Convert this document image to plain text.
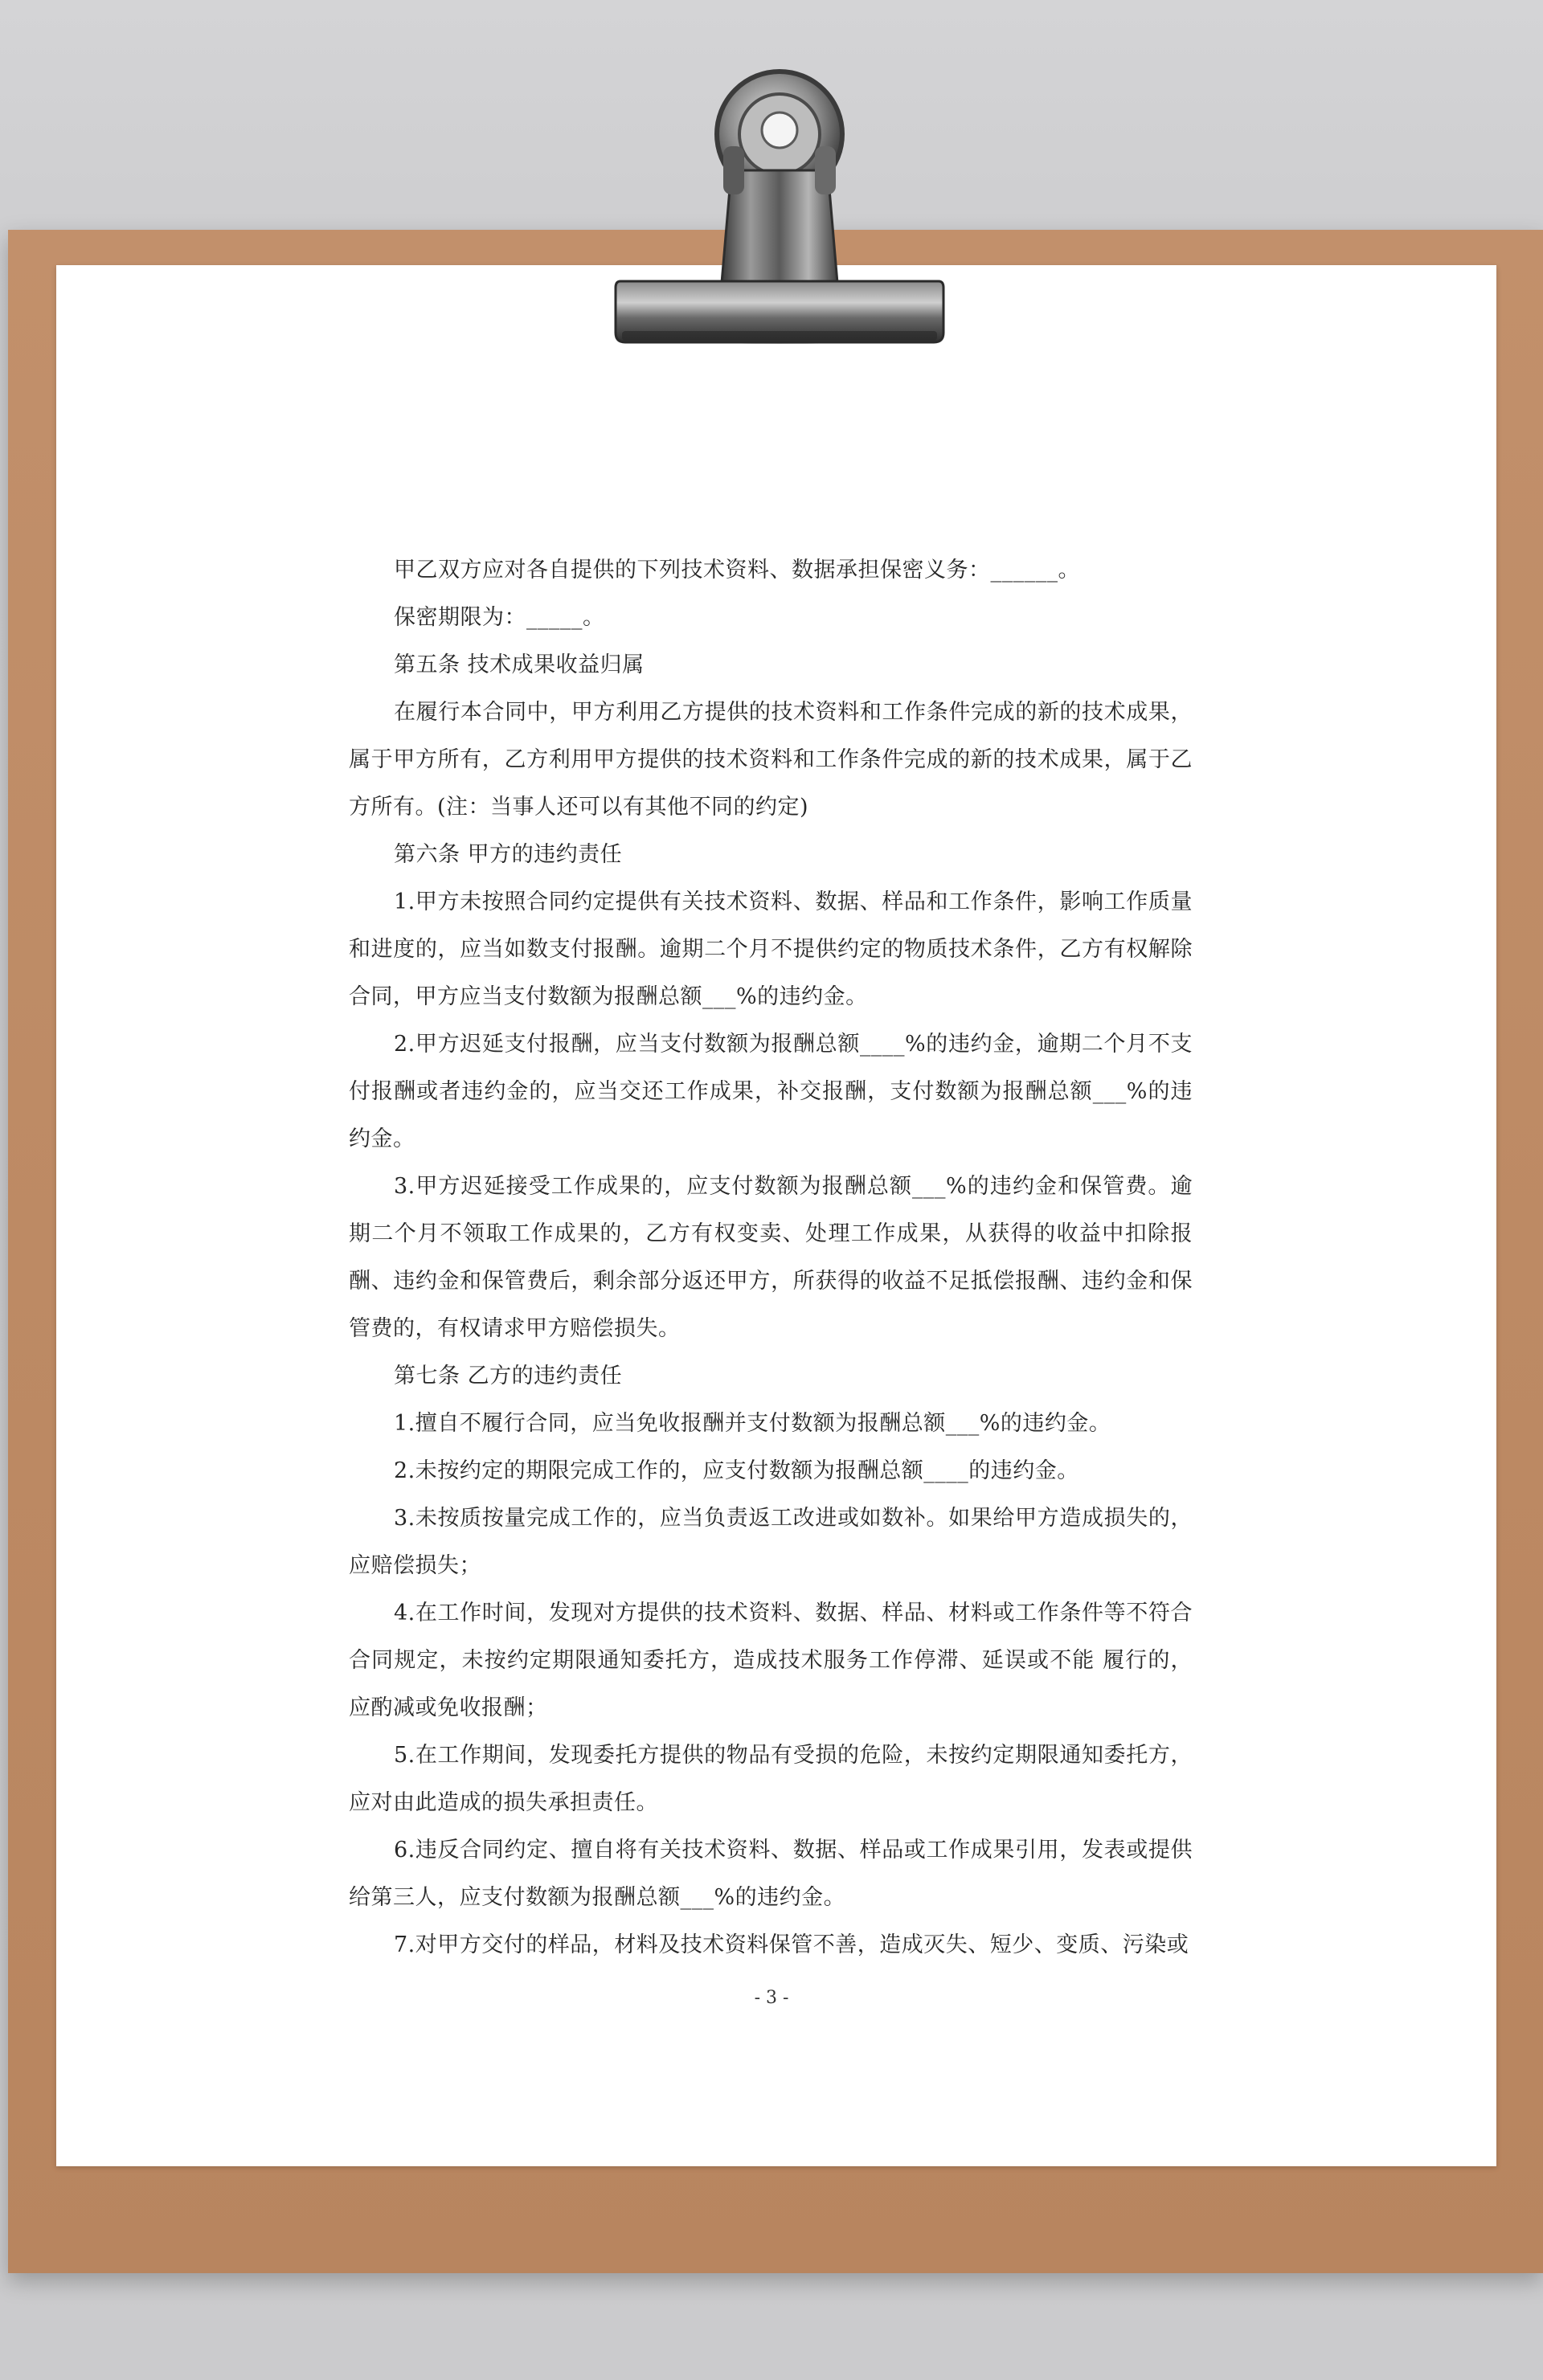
甲乙双方应对各自提供的下列技术资料、数据承担保密义务：______。

保密期限为：_____。

第五条 技术成果收益归属

在履行本合同中，甲方利用乙方提供的技术资料和工作条件完成的新的技术成果，属于甲方所有，乙方利用甲方提供的技术资料和工作条件完成的新的技术成果，属于乙方所有。(注：当事人还可以有其他不同的约定)

第六条 甲方的违约责任

1.甲方未按照合同约定提供有关技术资料、数据、样品和工作条件，影响工作质量和进度的，应当如数支付报酬。逾期二个月不提供约定的物质技术条件，乙方有权解除合同，甲方应当支付数额为报酬总额___%的违约金。

2.甲方迟延支付报酬，应当支付数额为报酬总额____%的违约金，逾期二个月不支付报酬或者违约金的，应当交还工作成果，补交报酬，支付数额为报酬总额___%的违约金。

3.甲方迟延接受工作成果的，应支付数额为报酬总额___%的违约金和保管费。逾期二个月不领取工作成果的，乙方有权变卖、处理工作成果，从获得的收益中扣除报酬、违约金和保管费后，剩余部分返还甲方，所获得的收益不足抵偿报酬、违约金和保管费的，有权请求甲方赔偿损失。

第七条 乙方的违约责任

1.擅自不履行合同，应当免收报酬并支付数额为报酬总额___%的违约金。

2.未按约定的期限完成工作的，应支付数额为报酬总额____的违约金。

3.未按质按量完成工作的，应当负责返工改进或如数补。如果给甲方造成损失的，应赔偿损失；

4.在工作时间，发现对方提供的技术资料、数据、样品、材料或工作条件等不符合合同规定，未按约定期限通知委托方，造成技术服务工作停滞、延误或不能 履行的，应酌减或免收报酬；

5.在工作期间，发现委托方提供的物品有受损的危险，未按约定期限通知委托方，应对由此造成的损失承担责任。

6.违反合同约定、擅自将有关技术资料、数据、样品或工作成果引用，发表或提供给第三人，应支付数额为报酬总额___%的违约金。

7.对甲方交付的样品，材料及技术资料保管不善，造成灭失、短少、变质、污染或

- 3 -
